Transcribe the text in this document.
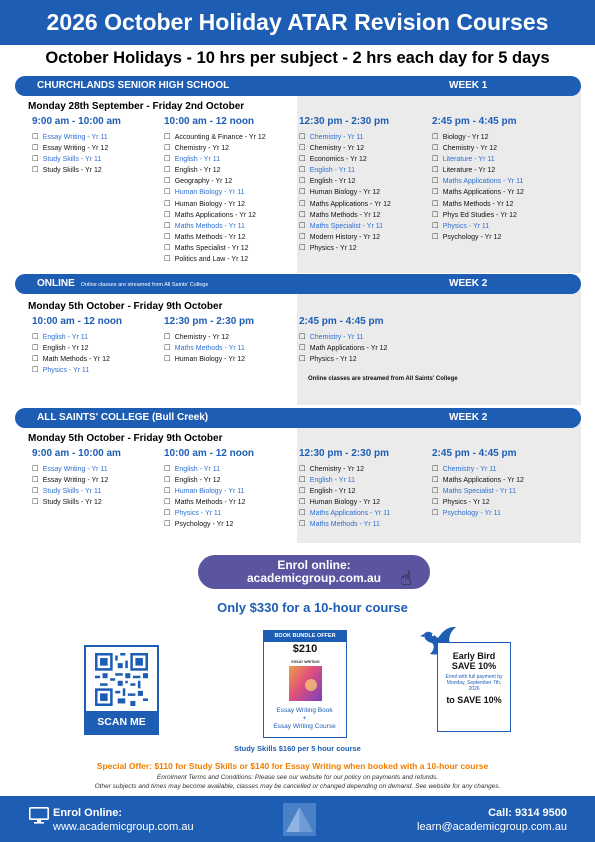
2026 October Holiday ATAR Revision Courses
October Holidays - 10 hrs per subject - 2 hrs each day for 5 days
CHURCHLANDS SENIOR HIGH SCHOOL	WEEK 1
Monday 28th September - Friday 2nd October
9:00 am - 10:00 am
☐ Essay Writing - Yr 11
☐ Essay Writing - Yr 12
☐ Study Skills - Yr 11
☐ Study Skills - Yr 12
10:00 am - 12 noon
☐ Accounting & Finance - Yr 12
☐ Chemistry - Yr 12
☐ English - Yr 11
☐ English - Yr 12
☐ Geography - Yr 12
☐ Human Biology - Yr 11
☐ Human Biology - Yr 12
☐ Maths Applications - Yr 12
☐ Maths Methods - Yr 11
☐ Maths Methods - Yr 12
☐ Maths Specialist - Yr 12
☐ Politics and Law - Yr 12
12:30 pm - 2:30 pm
☐ Chemistry - Yr 11
☐ Chemistry - Yr 12
☐ Economics - Yr 12
☐ English - Yr 11
☐ English - Yr 12
☐ Human Biology - Yr 12
☐ Maths Applications - Yr 12
☐ Maths Methods - Yr 12
☐ Maths Specialist - Yr 11
☐ Modern History - Yr 12
☐ Physics - Yr 12
2:45 pm - 4:45 pm
☐ Biology - Yr 12
☐ Chemistry - Yr 12
☐ Literature - Yr 11
☐ Literature - Yr 12
☐ Maths Applications - Yr 11
☐ Maths Applications - Yr 12
☐ Maths Methods - Yr 12
☐ Phys Ed Studies - Yr 12
☐ Physics - Yr 11
☐ Psychology - Yr 12
ONLINE Online classes are streamed from All Saints' College	WEEK 2
Monday 5th October - Friday 9th October
10:00 am - 12 noon
☐ English - Yr 11
☐ English - Yr 12
☐ Math Methods - Yr 12
☐ Physics - Yr 11
12:30 pm - 2:30 pm
☐ Chemistry - Yr 12
☐ Maths Methods - Yr 11
☐ Human Biology - Yr 12
2:45 pm - 4:45 pm
☐ Chemistry - Yr 11
☐ Math Applications - Yr 12
☐ Physics - Yr 12
Online classes are streamed from All Saints' College
ALL SAINTS' COLLEGE (Bull Creek)	WEEK 2
Monday 5th October - Friday 9th October
9:00 am - 10:00 am
☐ Essay Writing - Yr 11
☐ Essay Writing - Yr 12
☐ Study Skills - Yr 11
☐ Study Skills - Yr 12
10:00 am - 12 noon
☐ English - Yr 11
☐ English - Yr 12
☐ Human Biology - Yr 11
☐ Maths Methods - Yr 12
☐ Physics - Yr 11
☐ Psychology - Yr 12
12:30 pm - 2:30 pm
☐ Chemistry - Yr 12
☐ English - Yr 11
☐ English - Yr 12
☐ Human Biology - Yr 12
☐ Maths Applications - Yr 11
☐ Maths Methods - Yr 11
2:45 pm - 4:45 pm
☐ Chemistry - Yr 11
☐ Maths Applications - Yr 12
☐ Maths Specialist - Yr 11
☐ Physics - Yr 12
☐ Psychology - Yr 11
Enrol online:
academicgroup.com.au ☝
Only $330 for a 10-hour course
SCAN ME
BOOK BUNDLE OFFER
$210
ESSAY WRITING
Essay Writing Book
+
Essay Writing Course
Early Bird
SAVE 10%
Enrol with full payment by Monday, September 7th, 2026
to SAVE 10%
Study Skills $160 per 5 hour course
Special Offer: $110 for Study Skills or $140 for Essay Writing when booked with a 10-hour course
Enrolment Terms and Conditions: Please see our website for our policy on payments and refunds.
Other subjects and times may become available, classes may be cancelled or changed depending on demand. See website for any changes.
Enrol Online:
www.academicgroup.com.au
Call: 9314 9500
learn@academicgroup.com.au
